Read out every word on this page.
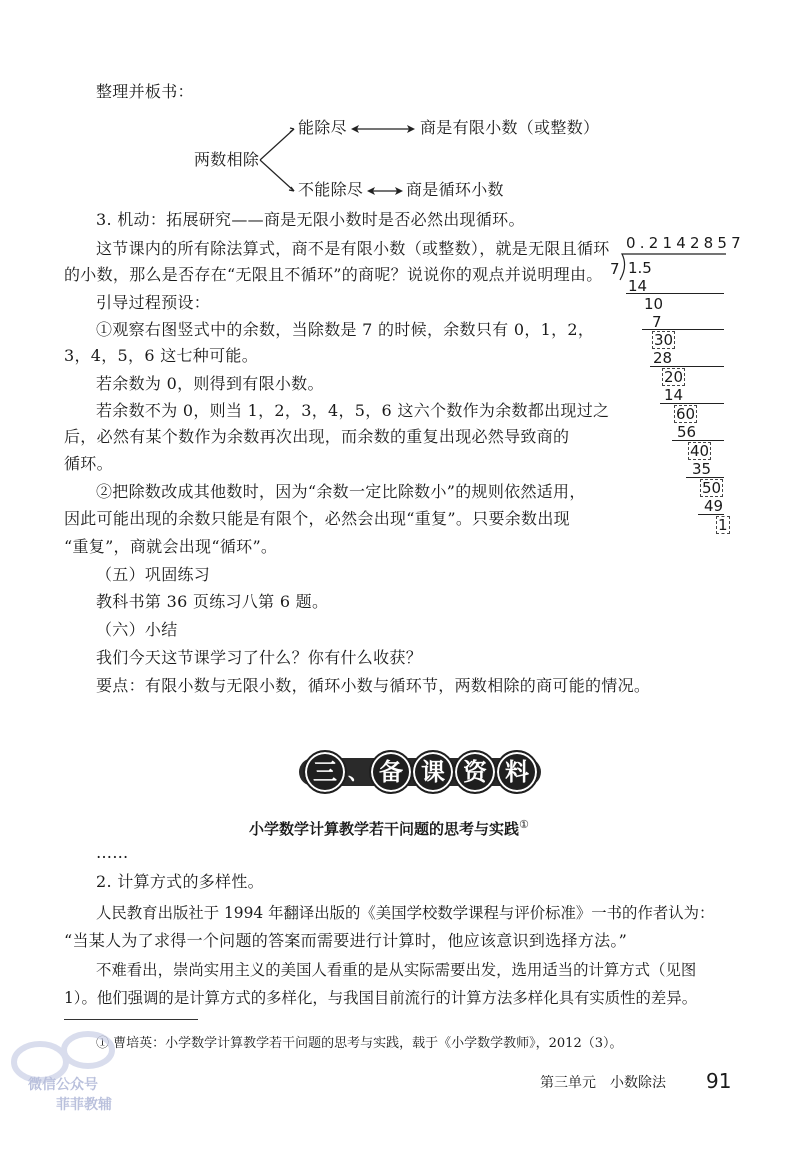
整理并板书：
两数相除
能除尽	商是有限小数（或整数）
不能除尽	商是循环小数
3. 机动：拓展研究——商是无限小数时是否必然出现循环。
这节课内的所有除法算式，商不是有限小数（或整数），就是无限且循环
的小数，那么是否存在“无限且不循环”的商呢？说说你的观点并说明理由。
引导过程预设：
①观察右图竖式中的余数，当除数是 7 的时候，余数只有 0，1，2，
3，4，5，6 这七种可能。
若余数为 0，则得到有限小数。
若余数不为 0，则当 1，2，3，4，5，6 这六个数作为余数都出现过之
后，必然有某个数作为余数再次出现，而余数的重复出现必然导致商的
循环。
②把除数改成其他数时，因为“余数一定比除数小”的规则依然适用，
因此可能出现的余数只能是有限个，必然会出现“重复”。只要余数出现
“重复”，商就会出现“循环”。
（五）巩固练习
教科书第 36 页练习八第 6 题。
（六）小结
我们今天这节课学习了什么？你有什么收获？
要点：有限小数与无限小数，循环小数与循环节，两数相除的商可能的情况。
0.2142857
7 1.5
14
10
7
30
28
20
14
60
56
40
35
50
49
1
三 、 备 课 资 料
小学数学计算教学若干问题的思考与实践①
……
2. 计算方式的多样性。
人民教育出版社于 1994 年翻译出版的《美国学校数学课程与评价标准》一书的作者认为：
“当某人为了求得一个问题的答案而需要进行计算时，他应该意识到选择方法。”
不难看出，崇尚实用主义的美国人看重的是从实际需要出发，选用适当的计算方式（见图
1）。他们强调的是计算方式的多样化，与我国目前流行的计算方法多样化具有实质性的差异。
① 曹培英：小学数学计算教学若干问题的思考与实践，载于《小学数学教师》，2012（3）。
第三单元　小数除法 91
微信公众号
菲菲教辅
